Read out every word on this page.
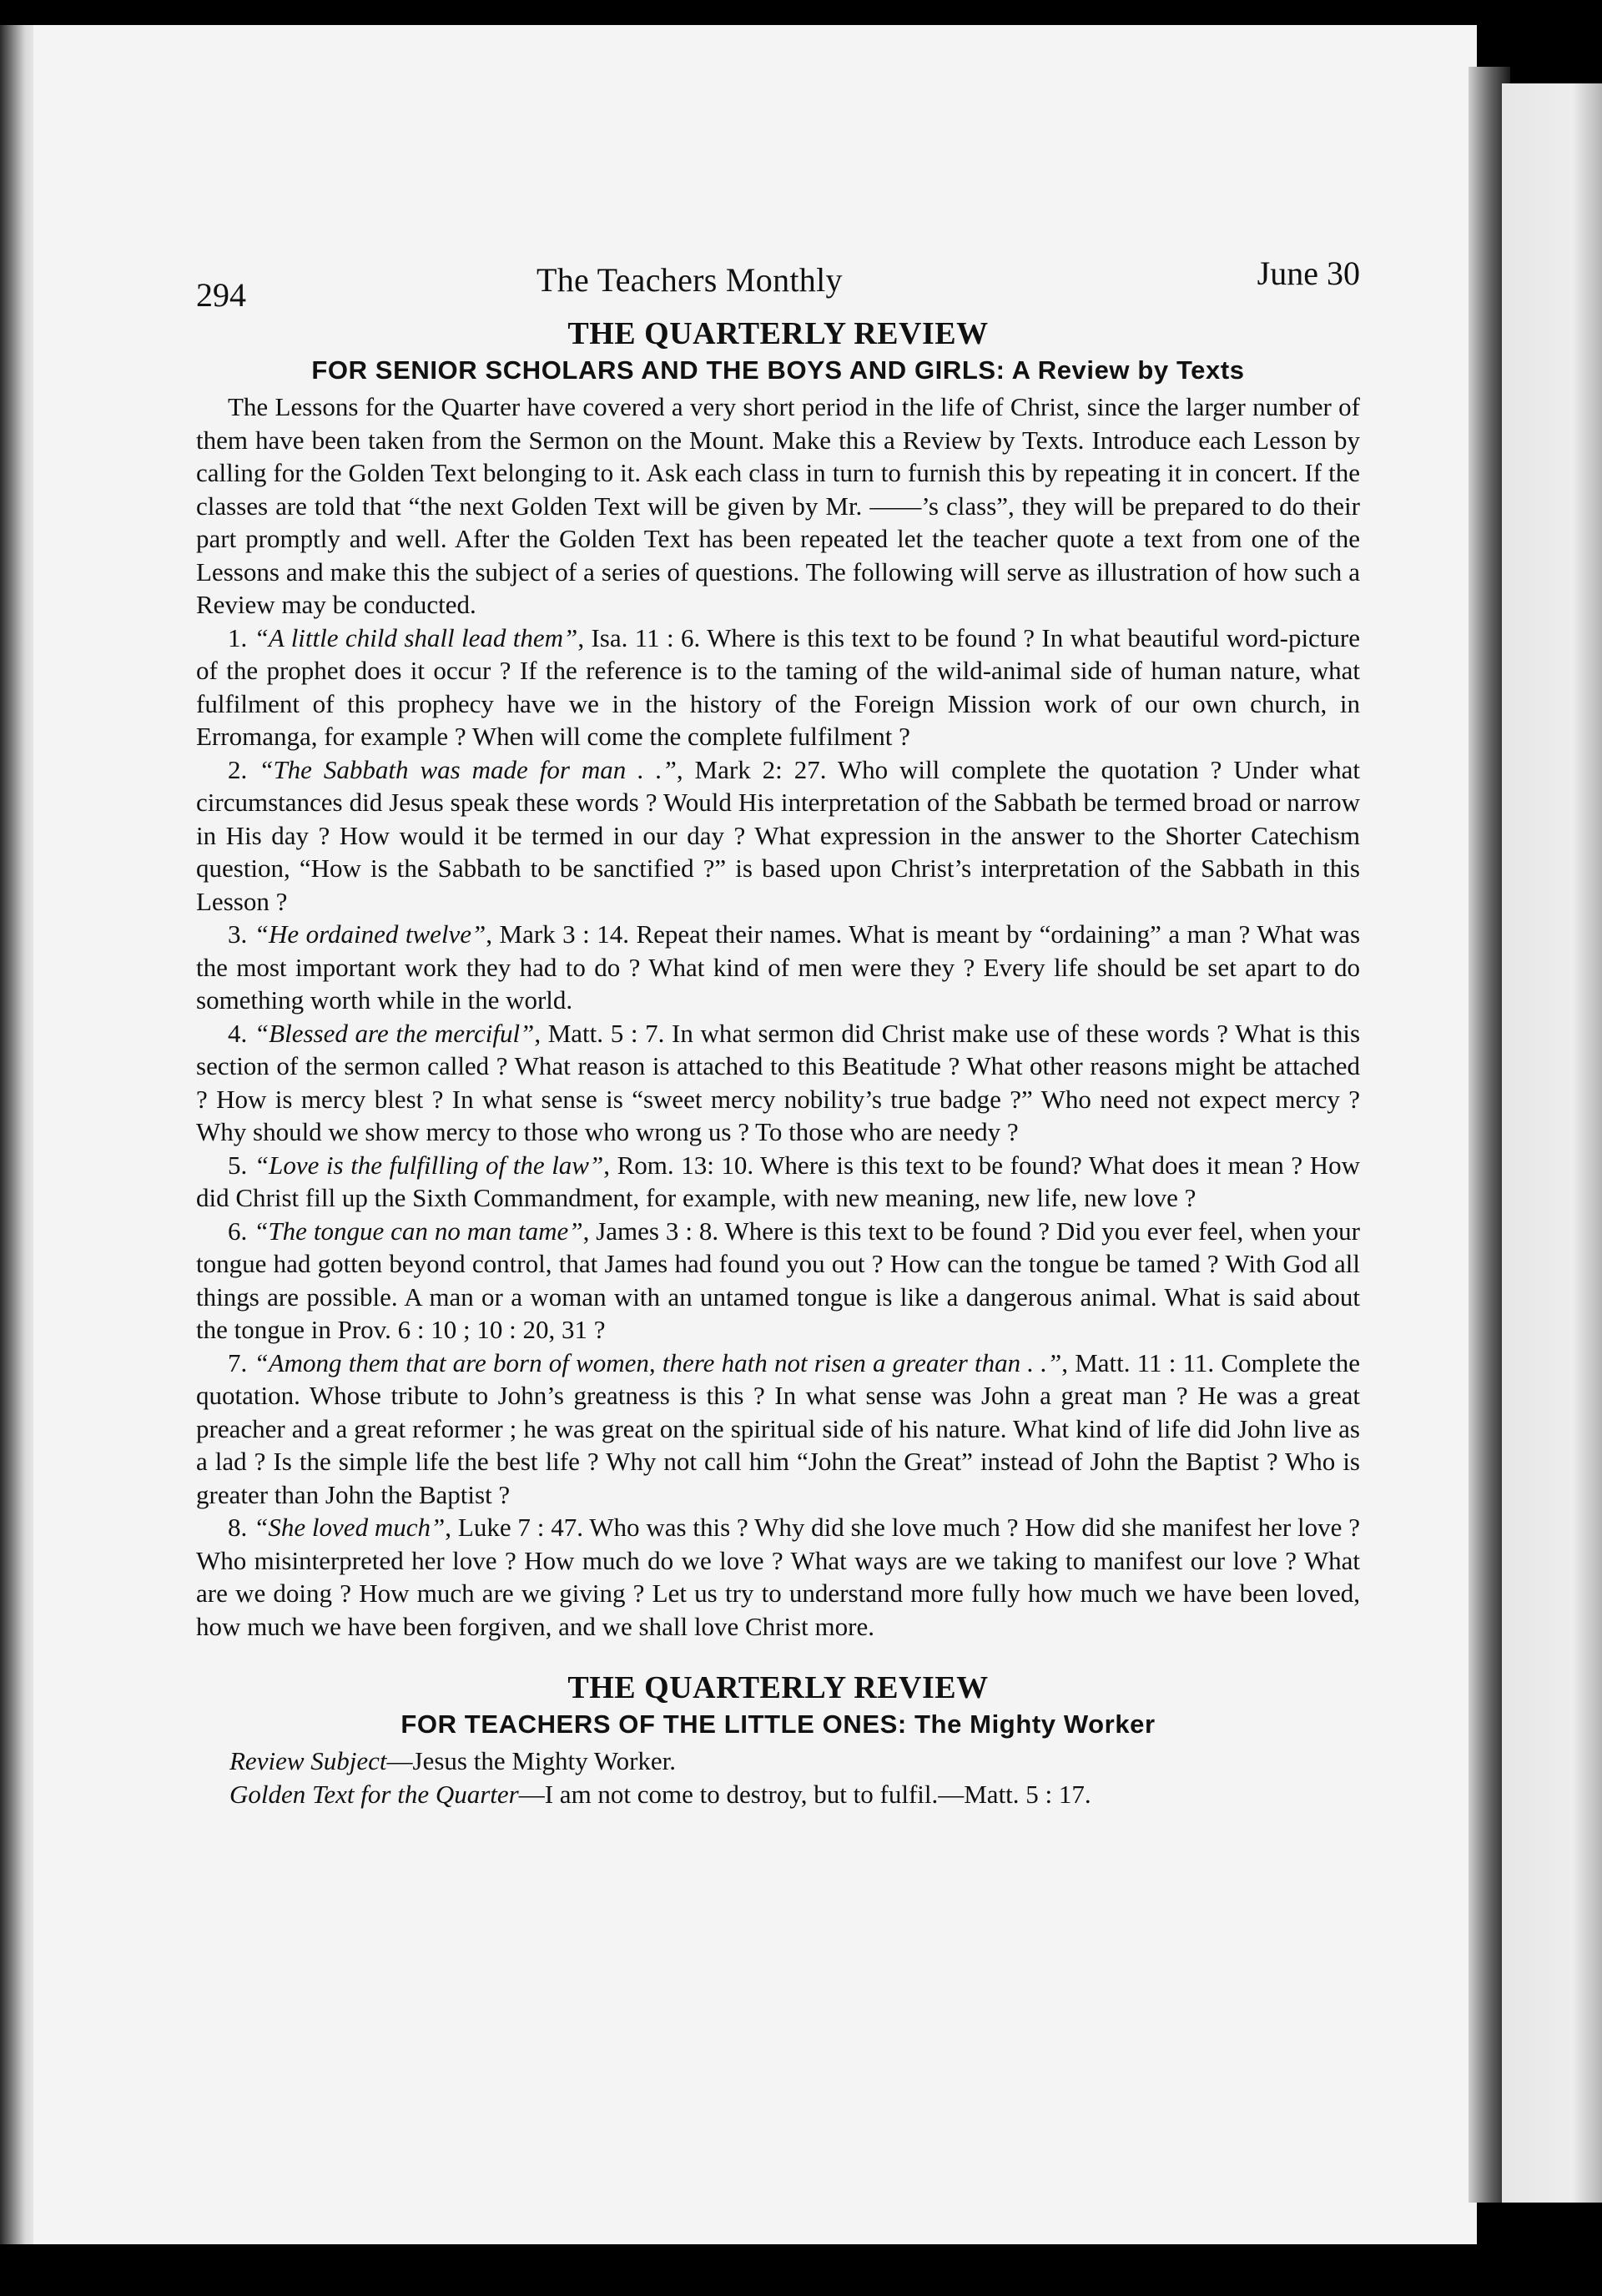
294	The Teachers Monthly	June 30
THE QUARTERLY REVIEW
FOR SENIOR SCHOLARS AND THE BOYS AND GIRLS: A Review by Texts

The Lessons for the Quarter have covered a very short period in the life of Christ, since the larger number of them have been taken from the Sermon on the Mount. Make this a Review by Texts. Introduce each Lesson by calling for the Golden Text belonging to it. Ask each class in turn to furnish this by repeating it in concert. If the classes are told that “the next Golden Text will be given by Mr. ——’s class”, they will be prepared to do their part promptly and well. After the Golden Text has been repeated let the teacher quote a text from one of the Lessons and make this the subject of a series of questions. The following will serve as illustration of how such a Review may be conducted.

1. “A little child shall lead them”, Isa. 11 : 6. Where is this text to be found ? In what beautiful word-picture of the prophet does it occur ? If the reference is to the taming of the wild-animal side of human nature, what fulfilment of this prophecy have we in the history of the Foreign Mission work of our own church, in Erromanga, for example ? When will come the complete fulfilment ?

2. “The Sabbath was made for man . .”, Mark 2: 27. Who will complete the quotation ? Under what circumstances did Jesus speak these words ? Would His interpretation of the Sabbath be termed broad or narrow in His day ? How would it be termed in our day ? What expression in the answer to the Shorter Catechism question, “How is the Sabbath to be sanctified ?” is based upon Christ’s interpretation of the Sabbath in this Lesson ?

3. “He ordained twelve”, Mark 3 : 14. Repeat their names. What is meant by “ordaining” a man ? What was the most important work they had to do ? What kind of men were they ? Every life should be set apart to do something worth while in the world.

4. “Blessed are the merciful”, Matt. 5 : 7. In what sermon did Christ make use of these words ? What is this section of the sermon called ? What reason is attached to this Beatitude ? What other reasons might be attached ? How is mercy blest ? In what sense is “sweet mercy nobility’s true badge ?” Who need not expect mercy ? Why should we show mercy to those who wrong us ? To those who are needy ?

5. “Love is the fulfilling of the law”, Rom. 13: 10. Where is this text to be found? What does it mean ? How did Christ fill up the Sixth Commandment, for example, with new meaning, new life, new love ?

6. “The tongue can no man tame”, James 3 : 8. Where is this text to be found ? Did you ever feel, when your tongue had gotten beyond control, that James had found you out ? How can the tongue be tamed ? With God all things are possible. A man or a woman with an untamed tongue is like a dangerous animal. What is said about the tongue in Prov. 6 : 10 ; 10 : 20, 31 ?

7. “Among them that are born of women, there hath not risen a greater than . .”, Matt. 11 : 11. Complete the quotation. Whose tribute to John’s greatness is this ? In what sense was John a great man ? He was a great preacher and a great reformer ; he was great on the spiritual side of his nature. What kind of life did John live as a lad ? Is the simple life the best life ? Why not call him “John the Great” instead of John the Baptist ? Who is greater than John the Baptist ?

8. “She loved much”, Luke 7 : 47. Who was this ? Why did she love much ? How did she manifest her love ? Who misinterpreted her love ? How much do we love ? What ways are we taking to manifest our love ? What are we doing ? How much are we giving ? Let us try to understand more fully how much we have been loved, how much we have been forgiven, and we shall love Christ more.

THE QUARTERLY REVIEW
FOR TEACHERS OF THE LITTLE ONES: The Mighty Worker

Review Subject—Jesus the Mighty Worker.

Golden Text for the Quarter—I am not come to destroy, but to fulfil.—Matt. 5 : 17.
